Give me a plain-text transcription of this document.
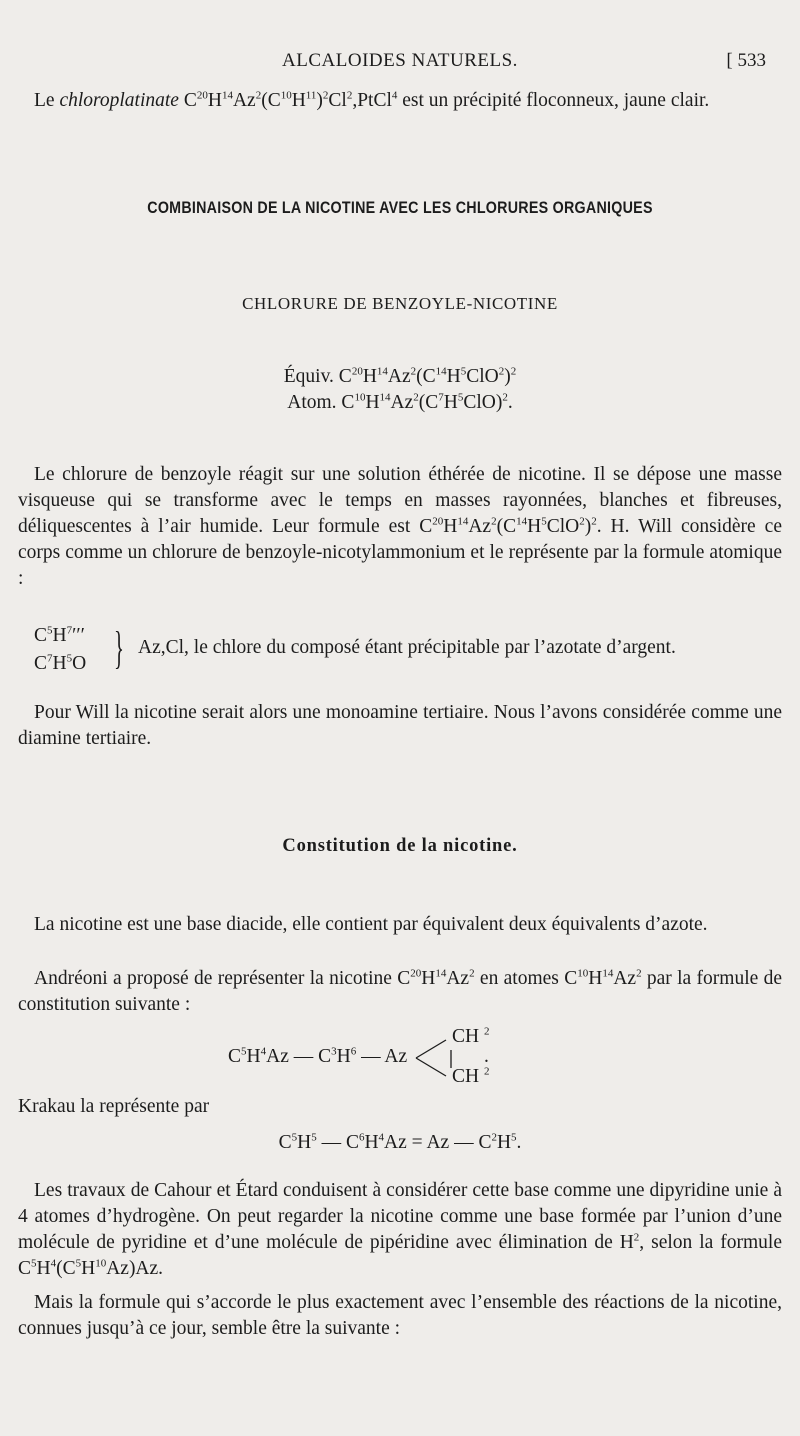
ALCALOIDES NATURELS.	[ 533
Le chloroplatinate $C^{20}H^{14}Az^2(C^{10}H^{11})^2Cl^2,PtCl^4$ est un précipité floconneux, jaune clair.
COMBINAISON DE LA NICOTINE AVEC LES CHLORURES ORGANIQUES
CHLORURE DE BENZOYLE-NICOTINE
Équiv. $C^{20}H^{14}Az^2(C^{14}H^5ClO^2)^2$
Atom. $C^{10}H^{14}Az^2(C^7H^5ClO)^2$.
Le chlorure de benzoyle réagit sur une solution éthérée de nicotine. Il se dépose une masse visqueuse qui se transforme avec le temps en masses rayonnées, blanches et fibreuses, déliquescentes à l’air humide. Leur formule est $C^{20}H^{14}Az^2(C^{14}H^5ClO^2)^2$. H. Will considère ce corps comme un chlorure de benzoyle-nicotylammonium et le représente par la formule atomique :
$C^5H^7'''$
$C^7H^5O$ } Az,Cl, le chlore du composé étant précipitable par l’azotate d’argent.
Pour Will la nicotine serait alors une monoamine tertiaire. Nous l’avons considérée comme une diamine tertiaire.
Constitution de la nicotine.
La nicotine est une base diacide, elle contient par équivalent deux équivalents d’azote.
Andréoni a proposé de représenter la nicotine $C^{20}H^{14}Az^2$ en atomes $C^{10}H^{14}Az^2$ par la formule de constitution suivante :
$C^5H^4Az$ — $C^3H^6$ — Az
CH $^2$
CH $^2$
.
Krakau la représente par
$C^5H^5$ — $C^6H^4Az = Az$ — $C^2H^5$.
Les travaux de Cahour et Étard conduisent à considérer cette base comme une dipyridine unie à 4 atomes d’hydrogène. On peut regarder la nicotine comme une base formée par l’union d’une molécule de pyridine et d’une molécule de pipéridine avec élimination de $H^2$, selon la formule $C^5H^4(C^5H^{10}Az)Az$.
Mais la formule qui s’accorde le plus exactement avec l’ensemble des réactions de la nicotine, connues jusqu’à ce jour, semble être la suivante :
